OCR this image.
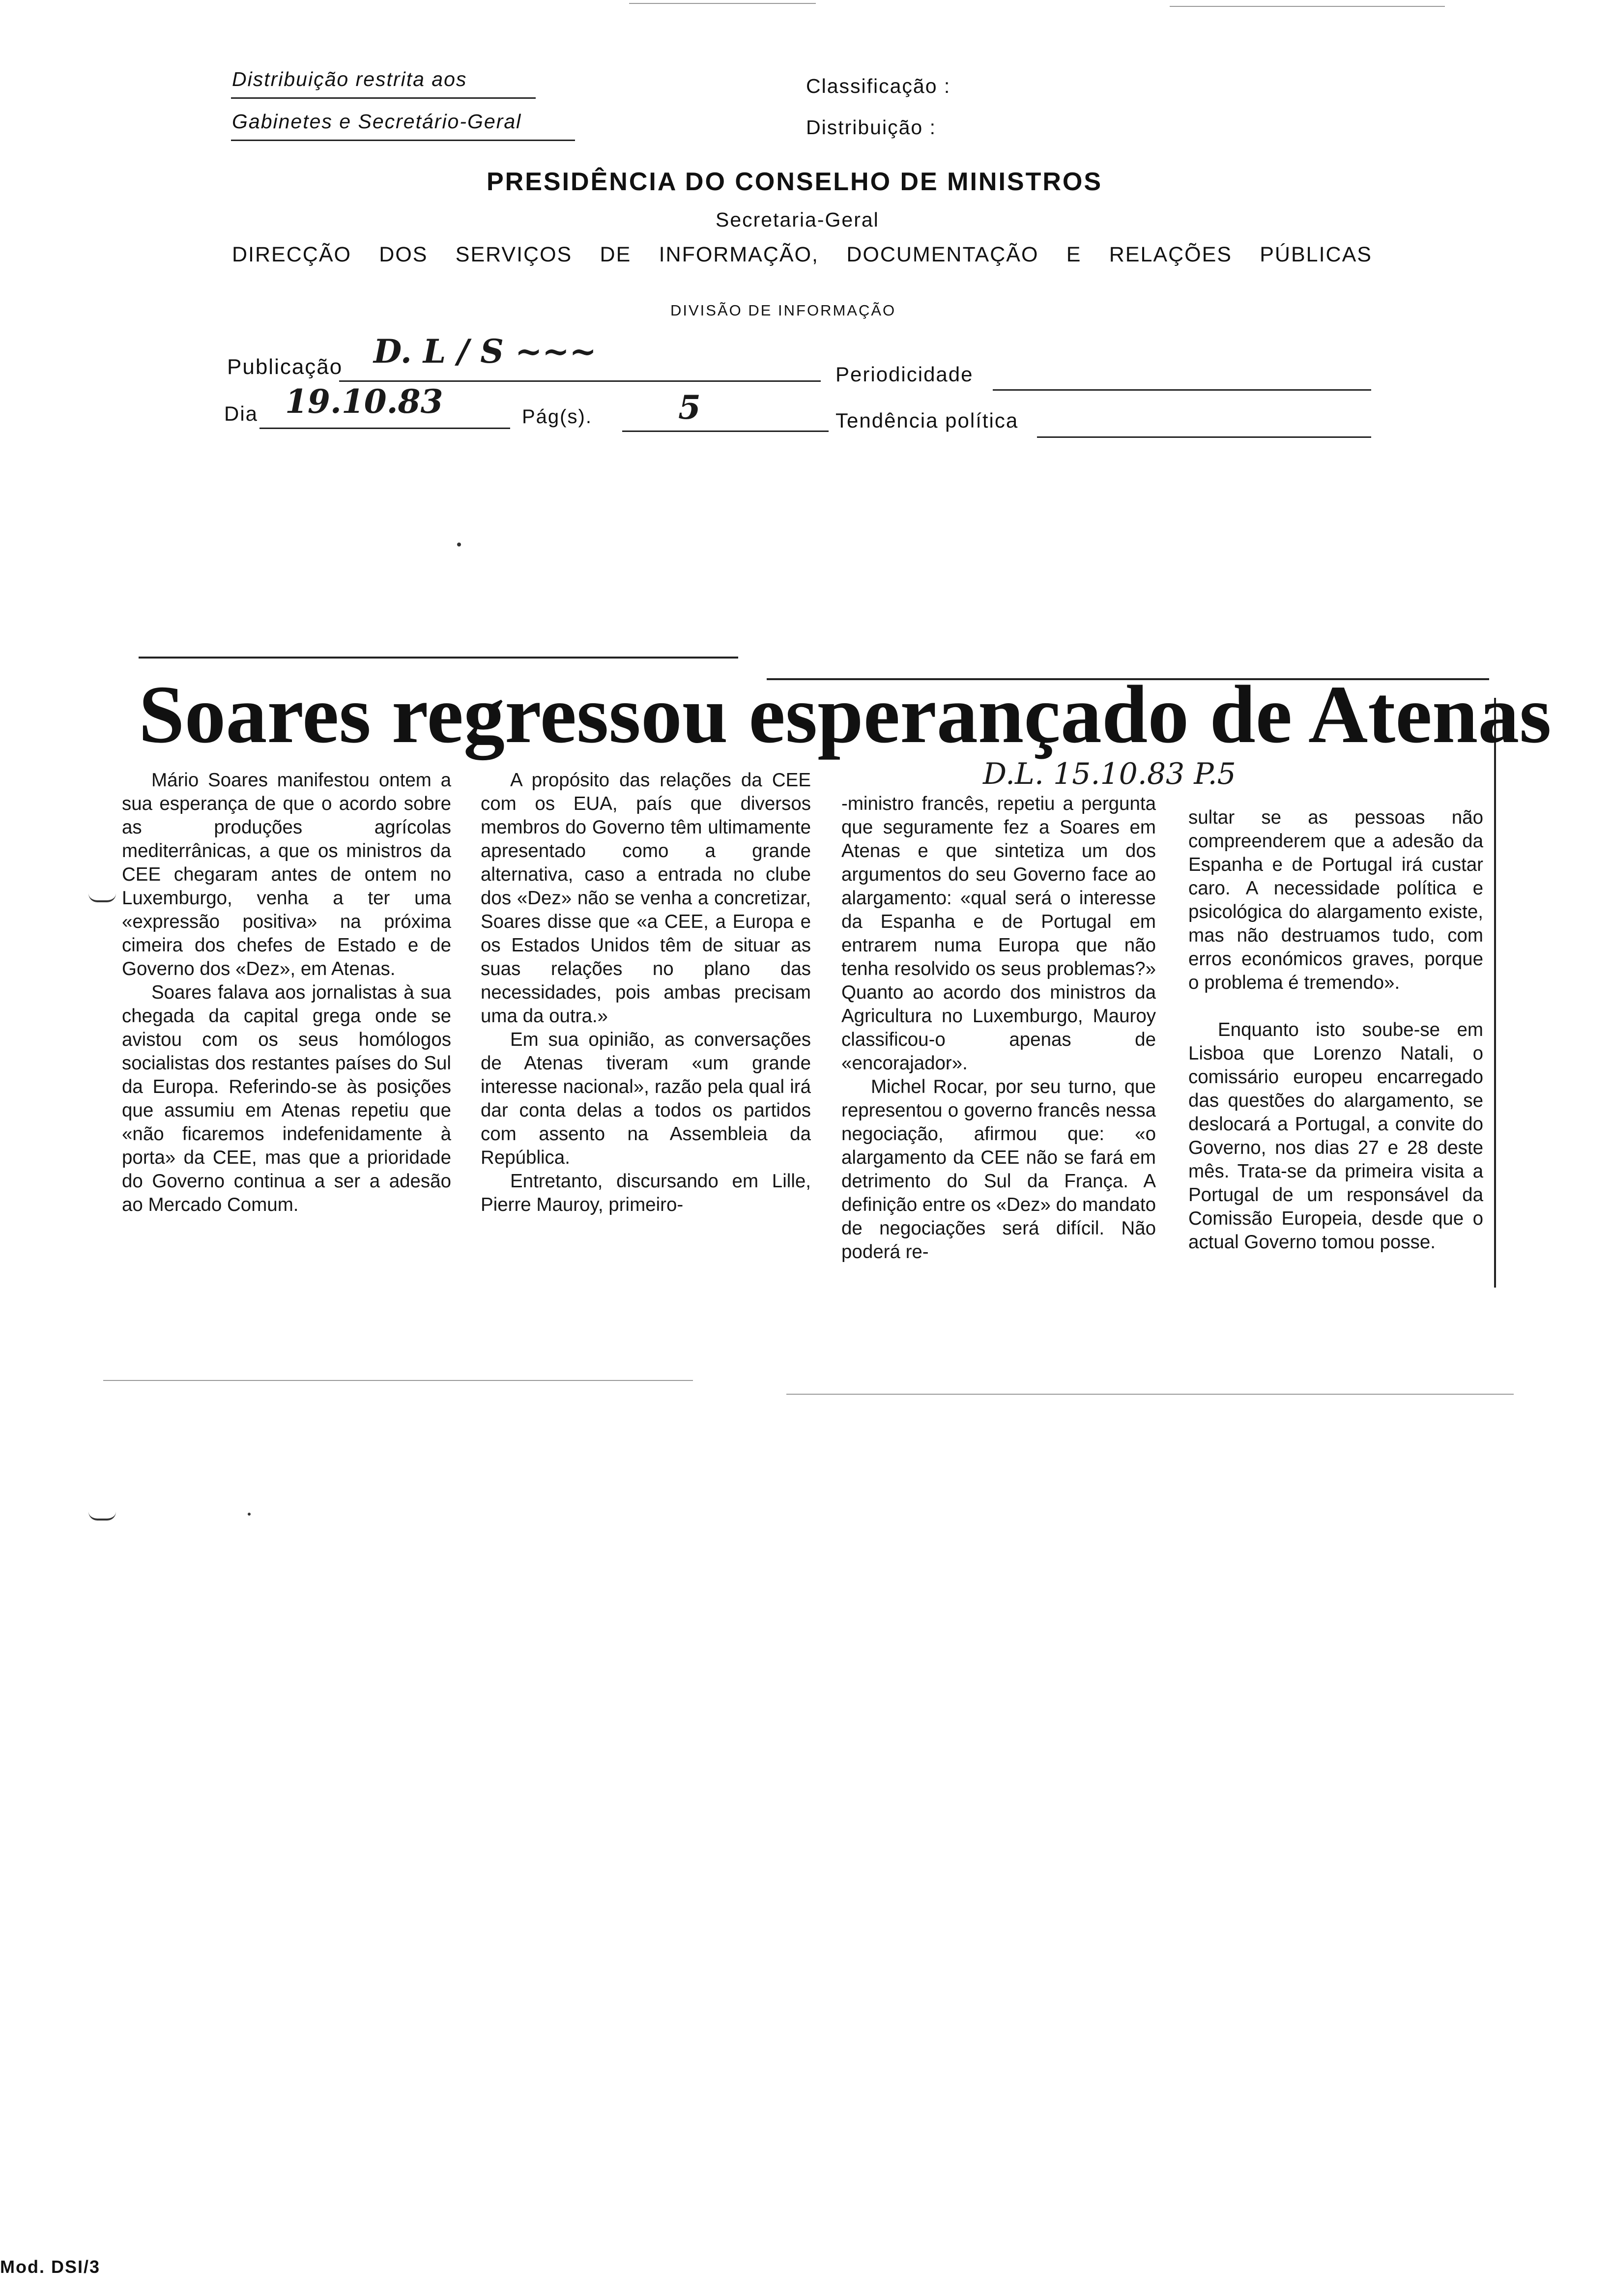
Distribuição restrita aos
Gabinetes e Secretário-Geral
Classificação :
Distribuição :
PRESIDÊNCIA DO CONSELHO DE MINISTROS
Secretaria-Geral
DIRECÇÃO DOS SERVIÇOS DE INFORMAÇÃO, DOCUMENTAÇÃO E RELAÇÕES PÚBLICAS
DIVISÃO DE INFORMAÇÃO
Publicação D. L / S ~~~
Periodicidade
Dia 19.10.83	Pág(s).	5	Tendência política
Soares regressou esperançado de Atenas
D.L. 15.10.83 P.5

Mário Soares manifestou ontem a sua esperança de que o acordo sobre as produções agrícolas mediterrânicas, a que os ministros da CEE chegaram antes de ontem no Luxemburgo, venha a ter uma «expressão positiva» na próxima cimeira dos chefes de Estado e de Governo dos «Dez», em Atenas.

Soares falava aos jornalistas à sua chegada da capital grega onde se avistou com os seus homólogos socialistas dos restantes países do Sul da Europa. Referindo-se às posições que assumiu em Atenas repetiu que «não ficaremos indefenidamente à porta» da CEE, mas que a prioridade do Governo continua a ser a adesão ao Mercado Comum.

A propósito das relações da CEE com os EUA, país que diversos membros do Governo têm ultimamente apresentado como a grande alternativa, caso a entrada no clube dos «Dez» não se venha a concretizar, Soares disse que «a CEE, a Europa e os Estados Unidos têm de situar as suas relações no plano das necessidades, pois ambas precisam uma da outra.»

Em sua opinião, as conversações de Atenas tiveram «um grande interesse nacional», razão pela qual irá dar conta delas a todos os partidos com assento na Assembleia da República.

Entretanto, discursando em Lille, Pierre Mauroy, primeiro-

-ministro francês, repetiu a pergunta que seguramente fez a Soares em Atenas e que sintetiza um dos argumentos do seu Governo face ao alargamento: «qual será o interesse da Espanha e de Portugal em entrarem numa Europa que não tenha resolvido os seus problemas?» Quanto ao acordo dos ministros da Agricultura no Luxemburgo, Mauroy classificou-o apenas de «encorajador».

Michel Rocar, por seu turno, que representou o governo francês nessa negociação, afirmou que: «o alargamento da CEE não se fará em detrimento do Sul da França. A definição entre os «Dez» do mandato de negociações será difícil. Não poderá re-

sultar se as pessoas não compreenderem que a adesão da Espanha e de Portugal irá custar caro. A necessidade política e psicológica do alargamento existe, mas não destruamos tudo, com erros económicos graves, porque o problema é tremendo».

Enquanto isto soube-se em Lisboa que Lorenzo Natali, o comissário europeu encarregado das questões do alargamento, se deslocará a Portugal, a convite do Governo, nos dias 27 e 28 deste mês. Trata-se da primeira visita a Portugal de um responsável da Comissão Europeia, desde que o actual Governo tomou posse.

Mod. DSI/3
